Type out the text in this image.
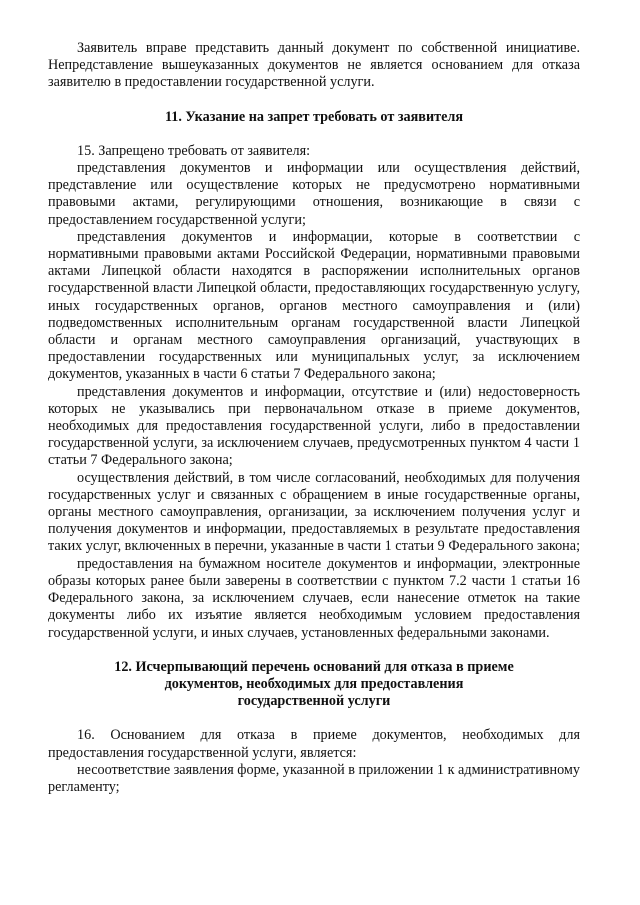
Заявитель вправе представить данный документ по собственной инициативе. Непредставление вышеуказанных документов не является основанием для отказа заявителю в предоставлении государственной услуги.

11. Указание на запрет требовать от заявителя

15. Запрещено требовать от заявителя:

представления документов и информации или осуществления действий, представление или осуществление которых не предусмотрено нормативными правовыми актами, регулирующими отношения, возникающие в связи с предоставлением государственной услуги;

представления документов и информации, которые в соответствии с нормативными правовыми актами Российской Федерации, нормативными правовыми актами Липецкой области находятся в распоряжении исполнительных органов государственной власти Липецкой области, предоставляющих государственную услугу, иных государственных органов, органов местного самоуправления и (или) подведомственных исполнительным органам государственной власти Липецкой области и органам местного самоуправления организаций, участвующих в предоставлении государственных или муниципальных услуг, за исключением документов, указанных в части 6 статьи 7 Федерального закона;

представления документов и информации, отсутствие и (или) недостоверность которых не указывались при первоначальном отказе в приеме документов, необходимых для предоставления государственной услуги, либо в предоставлении государственной услуги, за исключением случаев, предусмотренных пунктом 4 части 1 статьи 7 Федерального закона;

осуществления действий, в том числе согласований, необходимых для получения государственных услуг и связанных с обращением в иные государственные органы, органы местного самоуправления, организации, за исключением получения услуг и получения документов и информации, предоставляемых в результате предоставления таких услуг, включенных в перечни, указанные в части 1 статьи 9 Федерального закона;

предоставления на бумажном носителе документов и информации, электронные образы которых ранее были заверены в соответствии с пунктом 7.2 части 1 статьи 16 Федерального закона, за исключением случаев, если нанесение отметок на такие документы либо их изъятие является необходимым условием предоставления государственной услуги, и иных случаев, установленных федеральными законами.

12. Исчерпывающий перечень оснований для отказа в приеме
документов, необходимых для предоставления
государственной услуги

16. Основанием для отказа в приеме документов, необходимых для предоставления государственной услуги, является:

несоответствие заявления форме, указанной в приложении 1 к административному регламенту;
